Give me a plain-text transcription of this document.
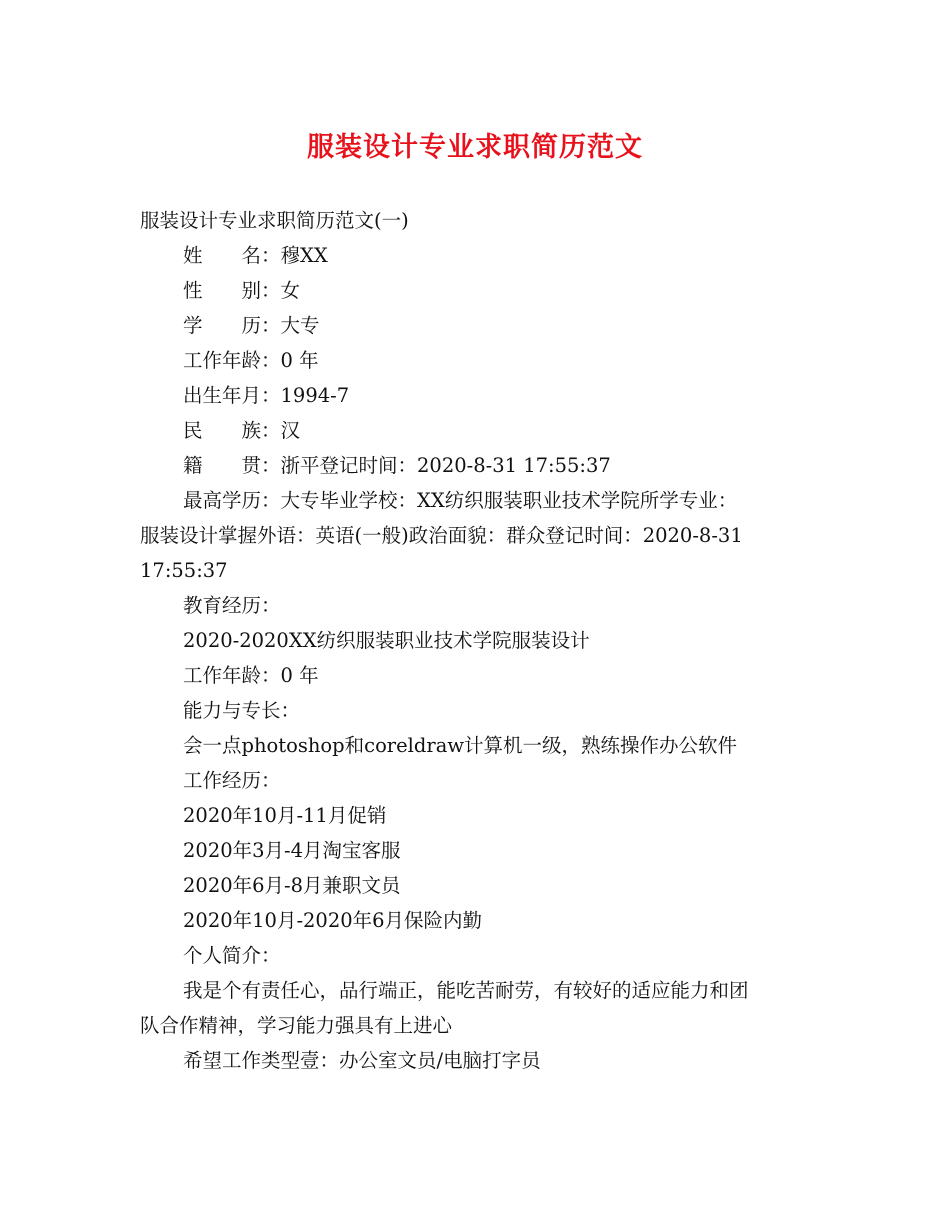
服装设计专业求职简历范文

服装设计专业求职简历范文(一)

姓　　名：穆XX

性　　别：女

学　　历：大专

工作年龄：0 年

出生年月：1994-7

民　　族：汉

籍　　贯：浙平登记时间：2020-8-31 17:55:37

最高学历：大专毕业学校：XX纺织服装职业技术学院所学专业：

服装设计掌握外语：英语(一般)政治面貌：群众登记时间：2020-8-31

17:55:37

教育经历：

2020-2020XX纺织服装职业技术学院服装设计

工作年龄：0 年

能力与专长：

会一点photoshop和coreldraw计算机一级，熟练操作办公软件

工作经历：

2020年10月-11月促销

2020年3月-4月淘宝客服

2020年6月-8月兼职文员

2020年10月-2020年6月保险内勤

个人简介：

我是个有责任心，品行端正，能吃苦耐劳，有较好的适应能力和团

队合作精神，学习能力强具有上进心

希望工作类型壹：办公室文员/电脑打字员
